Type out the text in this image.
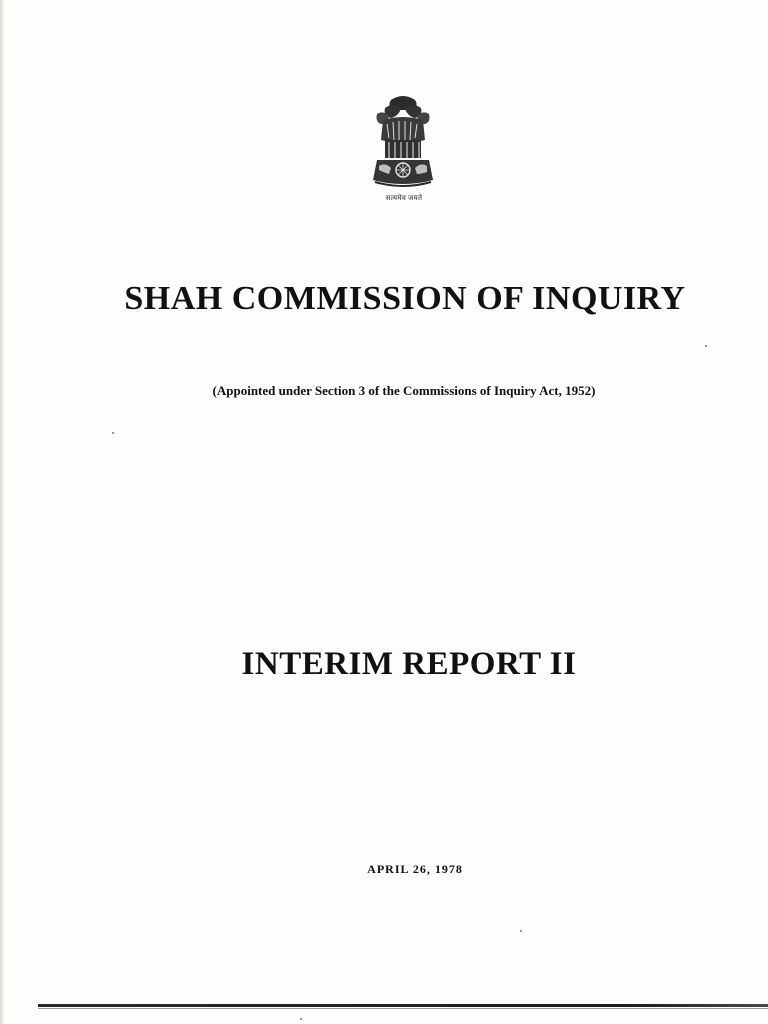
सत्यमेव जयते
SHAH COMMISSION OF INQUIRY
(Appointed under Section 3 of the Commissions of Inquiry Act, 1952)
INTERIM REPORT II
APRIL 26, 1978
